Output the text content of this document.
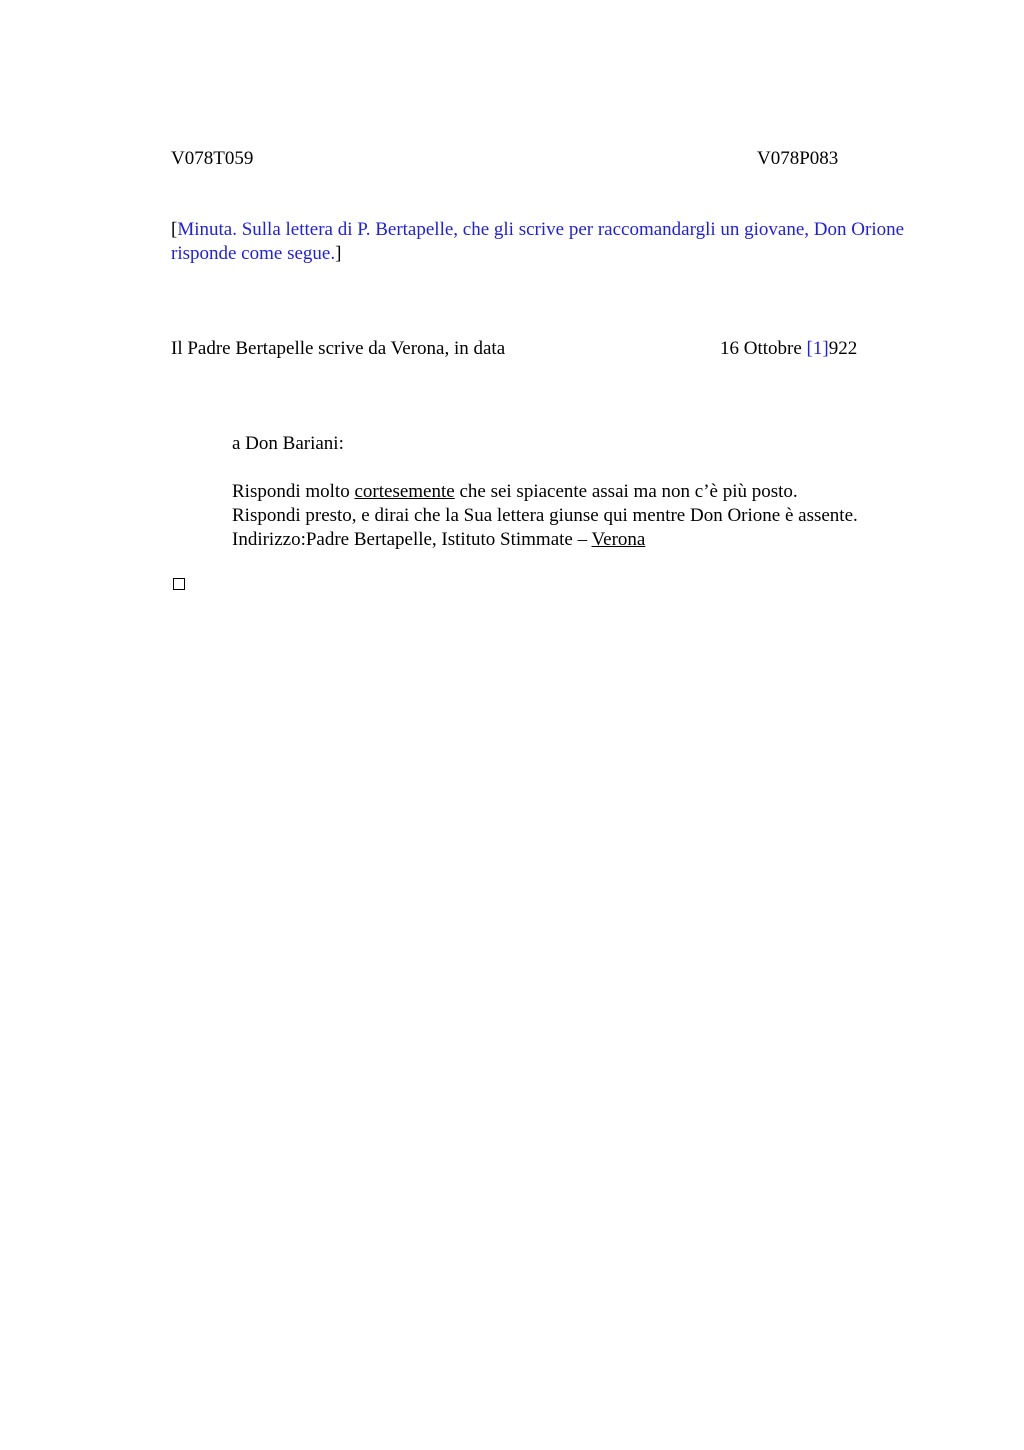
V078T059	V078P083
[Minuta. Sulla lettera di P. Bertapelle, che gli scrive per raccomandargli un giovane, Don Orione risponde come segue.]
Il Padre Bertapelle scrive da Verona, in data	16 Ottobre [1]922
a Don Bariani:
Rispondi molto cortesemente che sei spiacente assai ma non c’è più posto.
Rispondi presto, e dirai che la Sua lettera giunse qui mentre Don Orione è assente.
Indirizzo:Padre Bertapelle, Istituto Stimmate – Verona
